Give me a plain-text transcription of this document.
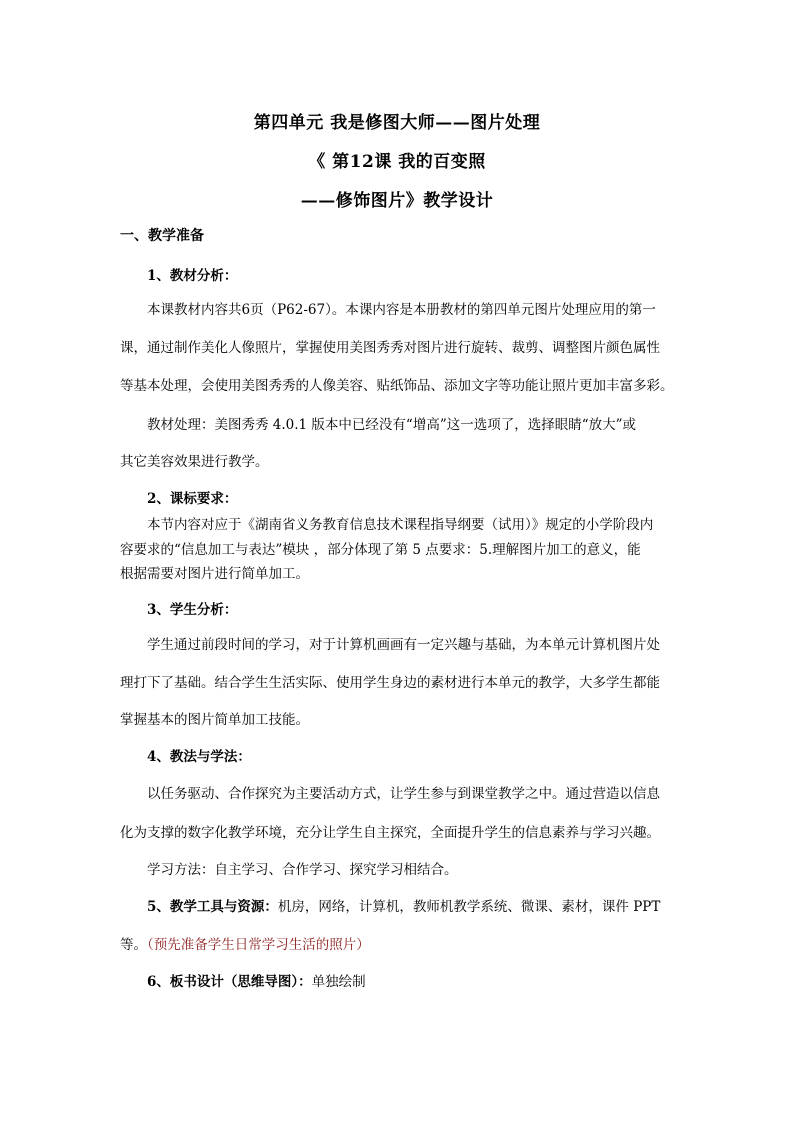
第四单元 我是修图大师——图片处理
《 第12课 我的百变照
——修饰图片》教学设计
一、教学准备
1、教材分析：
本课教材内容共6页（P62-67）。本课内容是本册教材的第四单元图片处理应用的第一
课，通过制作美化人像照片，掌握使用美图秀秀对图片进行旋转、裁剪、调整图片颜色属性
等基本处理，会使用美图秀秀的人像美容、贴纸饰品、添加文字等功能让照片更加丰富多彩。
教材处理：美图秀秀 4.0.1 版本中已经没有“增高”这一选项了，选择眼睛“放大”或
其它美容效果进行教学。
2、课标要求：
本节内容对应于《湖南省义务教育信息技术课程指导纲要（试用）》规定的小学阶段内
容要求的“信息加工与表达”模块 ，部分体现了第 5 点要求：5.理解图片加工的意义，能
根据需要对图片进行简单加工。
3、学生分析：
学生通过前段时间的学习，对于计算机画画有一定兴趣与基础，为本单元计算机图片处
理打下了基础。结合学生生活实际、使用学生身边的素材进行本单元的教学，大多学生都能
掌握基本的图片简单加工技能。
4、教法与学法：
以任务驱动、合作探究为主要活动方式，让学生参与到课堂教学之中。通过营造以信息
化为支撑的数字化教学环境，充分让学生自主探究，全面提升学生的信息素养与学习兴趣。
学习方法：自主学习、合作学习、探究学习相结合。
5、教学工具与资源：机房，网络，计算机，教师机教学系统、微课、素材，课件 PPT
等。（预先准备学生日常学习生活的照片）
6、板书设计（思维导图）：单独绘制
